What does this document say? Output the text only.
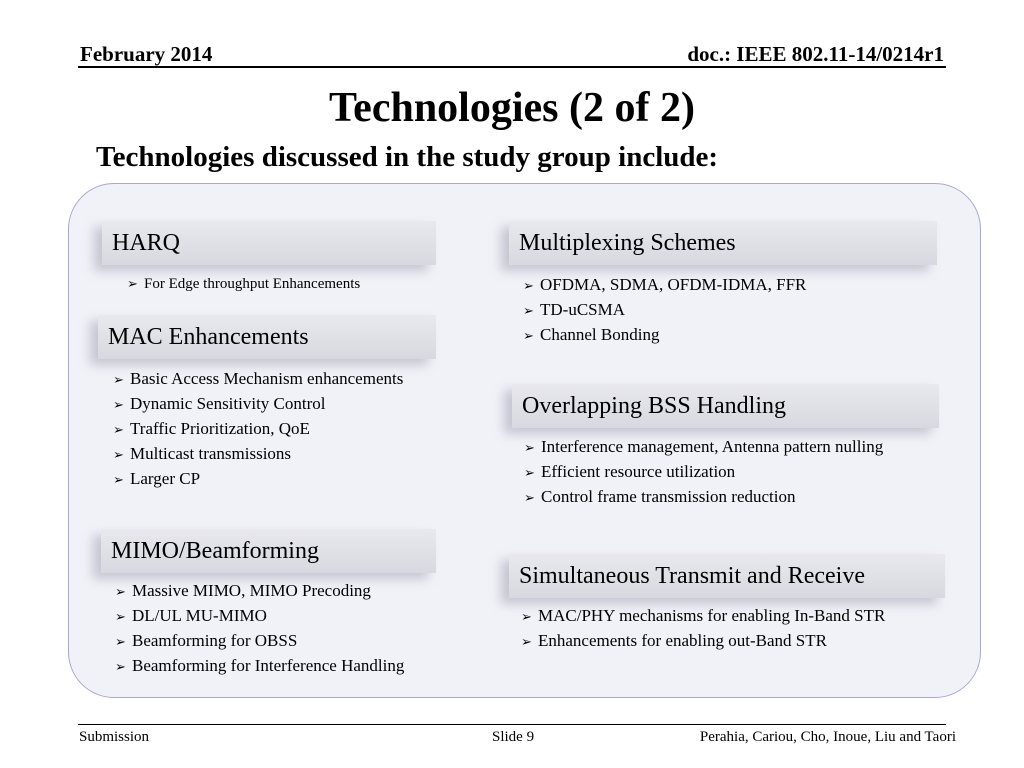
February 2014	doc.: IEEE 802.11-14/0214r1
Technologies (2 of 2)
Technologies discussed in the study group include:
HARQ
➢ For Edge throughput Enhancements
MAC Enhancements
➢ Basic Access Mechanism enhancements
➢ Dynamic Sensitivity Control
➢ Traffic Prioritization, QoE
➢ Multicast transmissions
➢ Larger CP
MIMO/Beamforming
➢ Massive MIMO, MIMO Precoding
➢ DL/UL MU-MIMO
➢ Beamforming for OBSS
➢ Beamforming for Interference Handling
Multiplexing Schemes
➢ OFDMA, SDMA, OFDM-IDMA, FFR
➢ TD-uCSMA
➢ Channel Bonding
Overlapping BSS Handling
➢ Interference management, Antenna pattern nulling
➢ Efficient resource utilization
➢ Control frame transmission reduction
Simultaneous Transmit and Receive
➢ MAC/PHY mechanisms for enabling In-Band STR
➢ Enhancements for enabling out-Band STR
Submission	Slide 9	Perahia, Cariou, Cho, Inoue, Liu and Taori
